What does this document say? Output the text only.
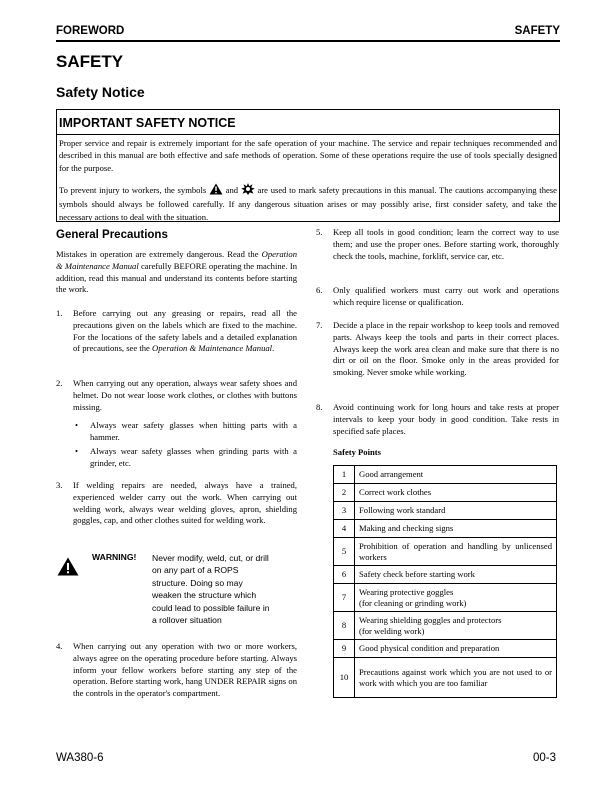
FOREWORD	SAFETY
SAFETY
Safety Notice
IMPORTANT SAFETY NOTICE
Proper service and repair is extremely important for the safe operation of your machine. The service and repair techniques recommended and described in this manual are both effective and safe methods of operation. Some of these operations require the use of tools specially designed for the purpose.
To prevent injury to workers, the symbols and are used to mark safety precautions in this manual. The cautions accompanying these symbols should always be followed carefully. If any dangerous situation arises or may possibly arise, first consider safety, and take the necessary actions to deal with the situation.
General Precautions
Mistakes in operation are extremely dangerous. Read the Operation & Maintenance Manual carefully BEFORE operating the machine. In addition, read this manual and understand its contents before starting the work.
1. Before carrying out any greasing or repairs, read all the precautions given on the labels which are fixed to the machine. For the locations of the safety labels and a detailed explanation of precautions, see the Operation & Maintenance Manual.
2. When carrying out any operation, always wear safety shoes and helmet. Do not wear loose work clothes, or clothes with buttons missing.
• Always wear safety glasses when hitting parts with a hammer.
• Always wear safety glasses when grinding parts with a grinder, etc.
3. If welding repairs are needed, always have a trained, experienced welder carry out the work. When carrying out welding work, always wear welding gloves, apron, shielding goggles, cap, and other clothes suited for welding work.
WARNING! Never modify, weld, cut, or drill
on any part of a ROPS
structure. Doing so may
weaken the structure which
could lead to possible failure in
a rollover situation
4. When carrying out any operation with two or more workers, always agree on the operating procedure before starting. Always inform your fellow workers before starting any step of the operation. Before starting work, hang UNDER REPAIR signs on the controls in the operator's compartment.
5. Keep all tools in good condition; learn the correct way to use them; and use the proper ones. Before starting work, thoroughly check the tools, machine, forklift, service car, etc.
6. Only qualified workers must carry out work and operations which require license or qualification.
7. Decide a place in the repair workshop to keep tools and removed parts. Always keep the tools and parts in their correct places. Always keep the work area clean and make sure that there is no dirt or oil on the floor. Smoke only in the areas provided for smoking. Never smoke while working.
8. Avoid continuing work for long hours and take rests at proper intervals to keep your body in good condition. Take rests in specified safe places.
Safety Points
1	Good arrangement
2	Correct work clothes
3	Following work standard
4	Making and checking signs
5	Prohibition of operation and handling by unlicensed workers
6	Safety check before starting work
7	Wearing protective goggles
(for cleaning or grinding work)

8	Wearing shielding goggles and protectors
(for welding work)

9	Good physical condition and preparation
10	Precautions against work which you are not used to or work with which you are too familiar
WA380-6	00-3
